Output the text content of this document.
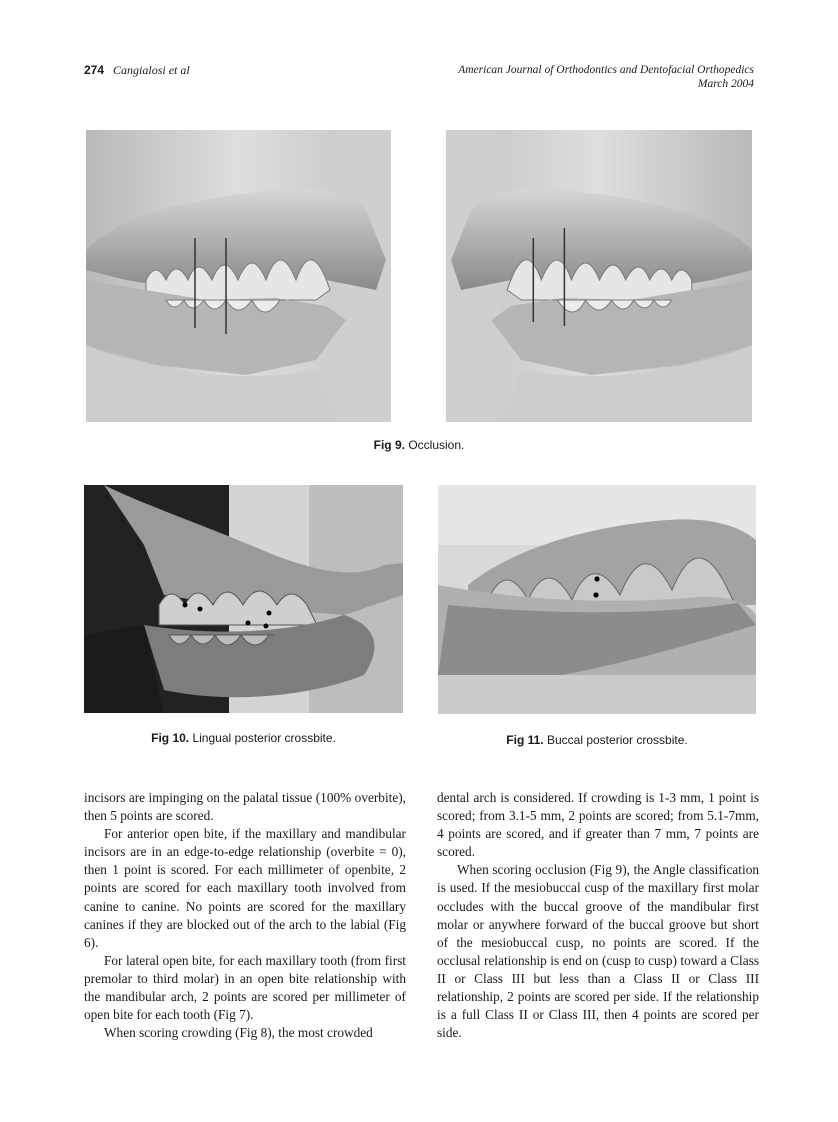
274 Cangialosi et al	American Journal of Orthodontics and Dentofacial Orthopedics
March 2004
Fig 9. Occlusion.
Fig 10. Lingual posterior crossbite.	Fig 11. Buccal posterior crossbite.

incisors are impinging on the palatal tissue (100% overbite), then 5 points are scored.

For anterior open bite, if the maxillary and mandibular incisors are in an edge-to-edge relationship (overbite = 0), then 1 point is scored. For each millimeter of openbite, 2 points are scored for each maxillary tooth involved from canine to canine. No points are scored for the maxillary canines if they are blocked out of the arch to the labial (Fig 6).

For lateral open bite, for each maxillary tooth (from first premolar to third molar) in an open bite relationship with the mandibular arch, 2 points are scored per millimeter of open bite for each tooth (Fig 7).

When scoring crowding (Fig 8), the most crowded

dental arch is considered. If crowding is 1-3 mm, 1 point is scored; from 3.1-5 mm, 2 points are scored; from 5.1-7mm, 4 points are scored, and if greater than 7 mm, 7 points are scored.

When scoring occlusion (Fig 9), the Angle classification is used. If the mesiobuccal cusp of the maxillary first molar occludes with the buccal groove of the mandibular first molar or anywhere forward of the buccal groove but short of the mesiobuccal cusp, no points are scored. If the occlusal relationship is end on (cusp to cusp) toward a Class II or Class III but less than a Class II or Class III relationship, 2 points are scored per side. If the relationship is a full Class II or Class III, then 4 points are scored per side.
